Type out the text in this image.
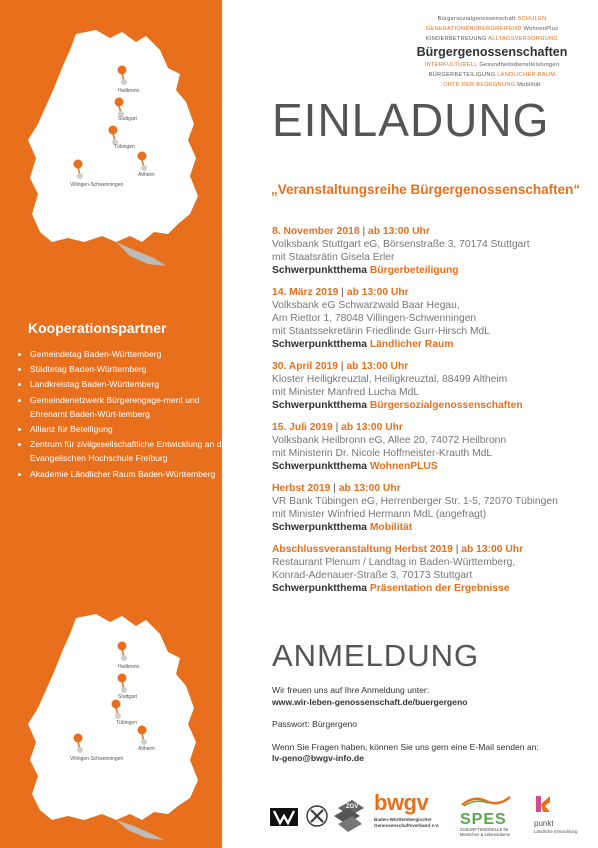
Heilbronn
Stuttgart
Tübingen
Altheim
Villingen-Schwenningen
Kooperationspartner
• Gemeindetag Baden-Württemberg
• Städtetag Baden-Württemberg
• Landkreistag Baden-Württemberg
• Gemeindenetzwerk Bürgerengage-ment und Ehrenamt Baden-Würt-temberg
• Allianz für Beteiligung
• Zentrum für zivilgesellschaftliche Entwicklung an der Evangelischen Hochschule Freiburg
• Akademie Ländlicher Raum Baden-Württemberg
Heilbronn
Stuttgart
Tübingen
Altheim
Villingen-Schwenningen
Bürgersozialgenossenschaft SCHULEN
GENERATIONENÜBERGREIFEND WohnenPlus
KINDERBETREUUNG ALLTAGSVERSORGUNG
Bürgergenossenschaften
INTERKULTURELL Gesundheitsdienstleistungen
BÜRGERBETEILIGUNG LÄNDLICHER RAUM
ORTE DER BEGEGNUNG Mobilität
EINLADUNG
„Veranstaltungsreihe Bürgergenossenschaften“
8. November 2018 | ab 13:00 Uhr
Volksbank Stuttgart eG, Börsenstraße 3, 70174 Stuttgart
mit Staatsrätin Gisela Erler
Schwerpunktthema Bürgerbeteiligung
14. März 2019 | ab 13:00 Uhr
Volksbank eG Schwarzwald Baar Hegau,
Am Riettor 1, 78048 Villingen-Schwenningen
mit Staatssekretärin Friedlinde Gurr-Hirsch MdL
Schwerpunktthema Ländlicher Raum
30. April 2019 | ab 13:00 Uhr
Kloster Heiligkreuztal, Heiligkreuztal, 88499 Altheim
mit Minister Manfred Lucha MdL
Schwerpunktthema Bürgersozialgenossenschaften
15. Juli 2019 | ab 13:00 Uhr
Volksbank Heilbronn eG, Allee 20, 74072 Heilbronn
mit Ministerin Dr. Nicole Hoffmeister-Krauth MdL
Schwerpunktthema WohnenPLUS
Herbst 2019 | ab 13:00 Uhr
VR Bank Tübingen eG, Herrenberger Str. 1-5, 72070 Tübingen
mit Minister Winfried Hermann MdL (angefragt)
Schwerpunktthema Mobilität
Abschlussveranstaltung Herbst 2019 | ab 13:00 Uhr
Restaurant Plenum / Landtag in Baden-Württemberg,
Konrad-Adenauer-Straße 3, 70173 Stuttgart
Schwerpunktthema Präsentation der Ergebnisse
ANMELDUNG

Wir freuen uns auf Ihre Anmeldung unter:

www.wir-leben-genossenschaft.de/buergergeno

Passwort: Bürgergeno

Wenn Sie Fragen haben, können Sie uns gern eine E-Mail senden an:

lv-geno@bwgv-info.de

ZGV bwgv
Baden-Württembergischer Genossenschaftsverband e.V.	SPES
ZUKUNFTSMODELLE für Menschen & Lebensräume
punkt
Ländliche Entwicklung
